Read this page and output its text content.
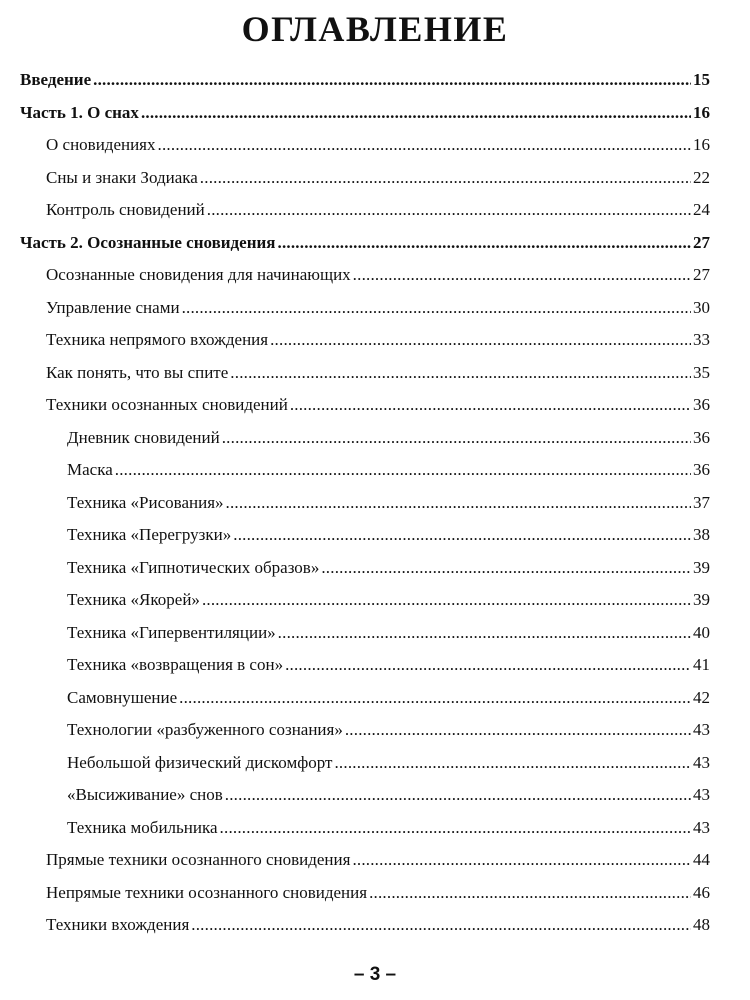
ОГЛАВЛЕНИЕ
Введение .....	15
Часть 1. О снах .....	16
О сновидениях .....	16
Сны и знаки Зодиака .....	22
Контроль сновидений .....	24
Часть 2. Осознанные сновидения .....	27
Осознанные сновидения для начинающих .....	27
Управление снами .....	30
Техника непрямого вхождения .....	33
Как понять, что вы спите .....	35
Техники осознанных сновидений .....	36
Дневник сновидений .....	36
Маска .....	36
Техника «Рисования» .....	37
Техника «Перегрузки» .....	38
Техника «Гипнотических образов» .....	39
Техника «Якорей» .....	39
Техника «Гипервентиляции» .....	40
Техника «возвращения в сон» .....	41
Самовнушение .....	42
Технологии «разбуженного сознания» .....	43
Небольшой физический дискомфорт .....	43
«Высиживание» снов .....	43
Техника мобильника .....	43
Прямые техники осознанного сновидения .....	44
Непрямые техники осознанного сновидения .....	46
Техники вхождения .....	48
– 3 –
